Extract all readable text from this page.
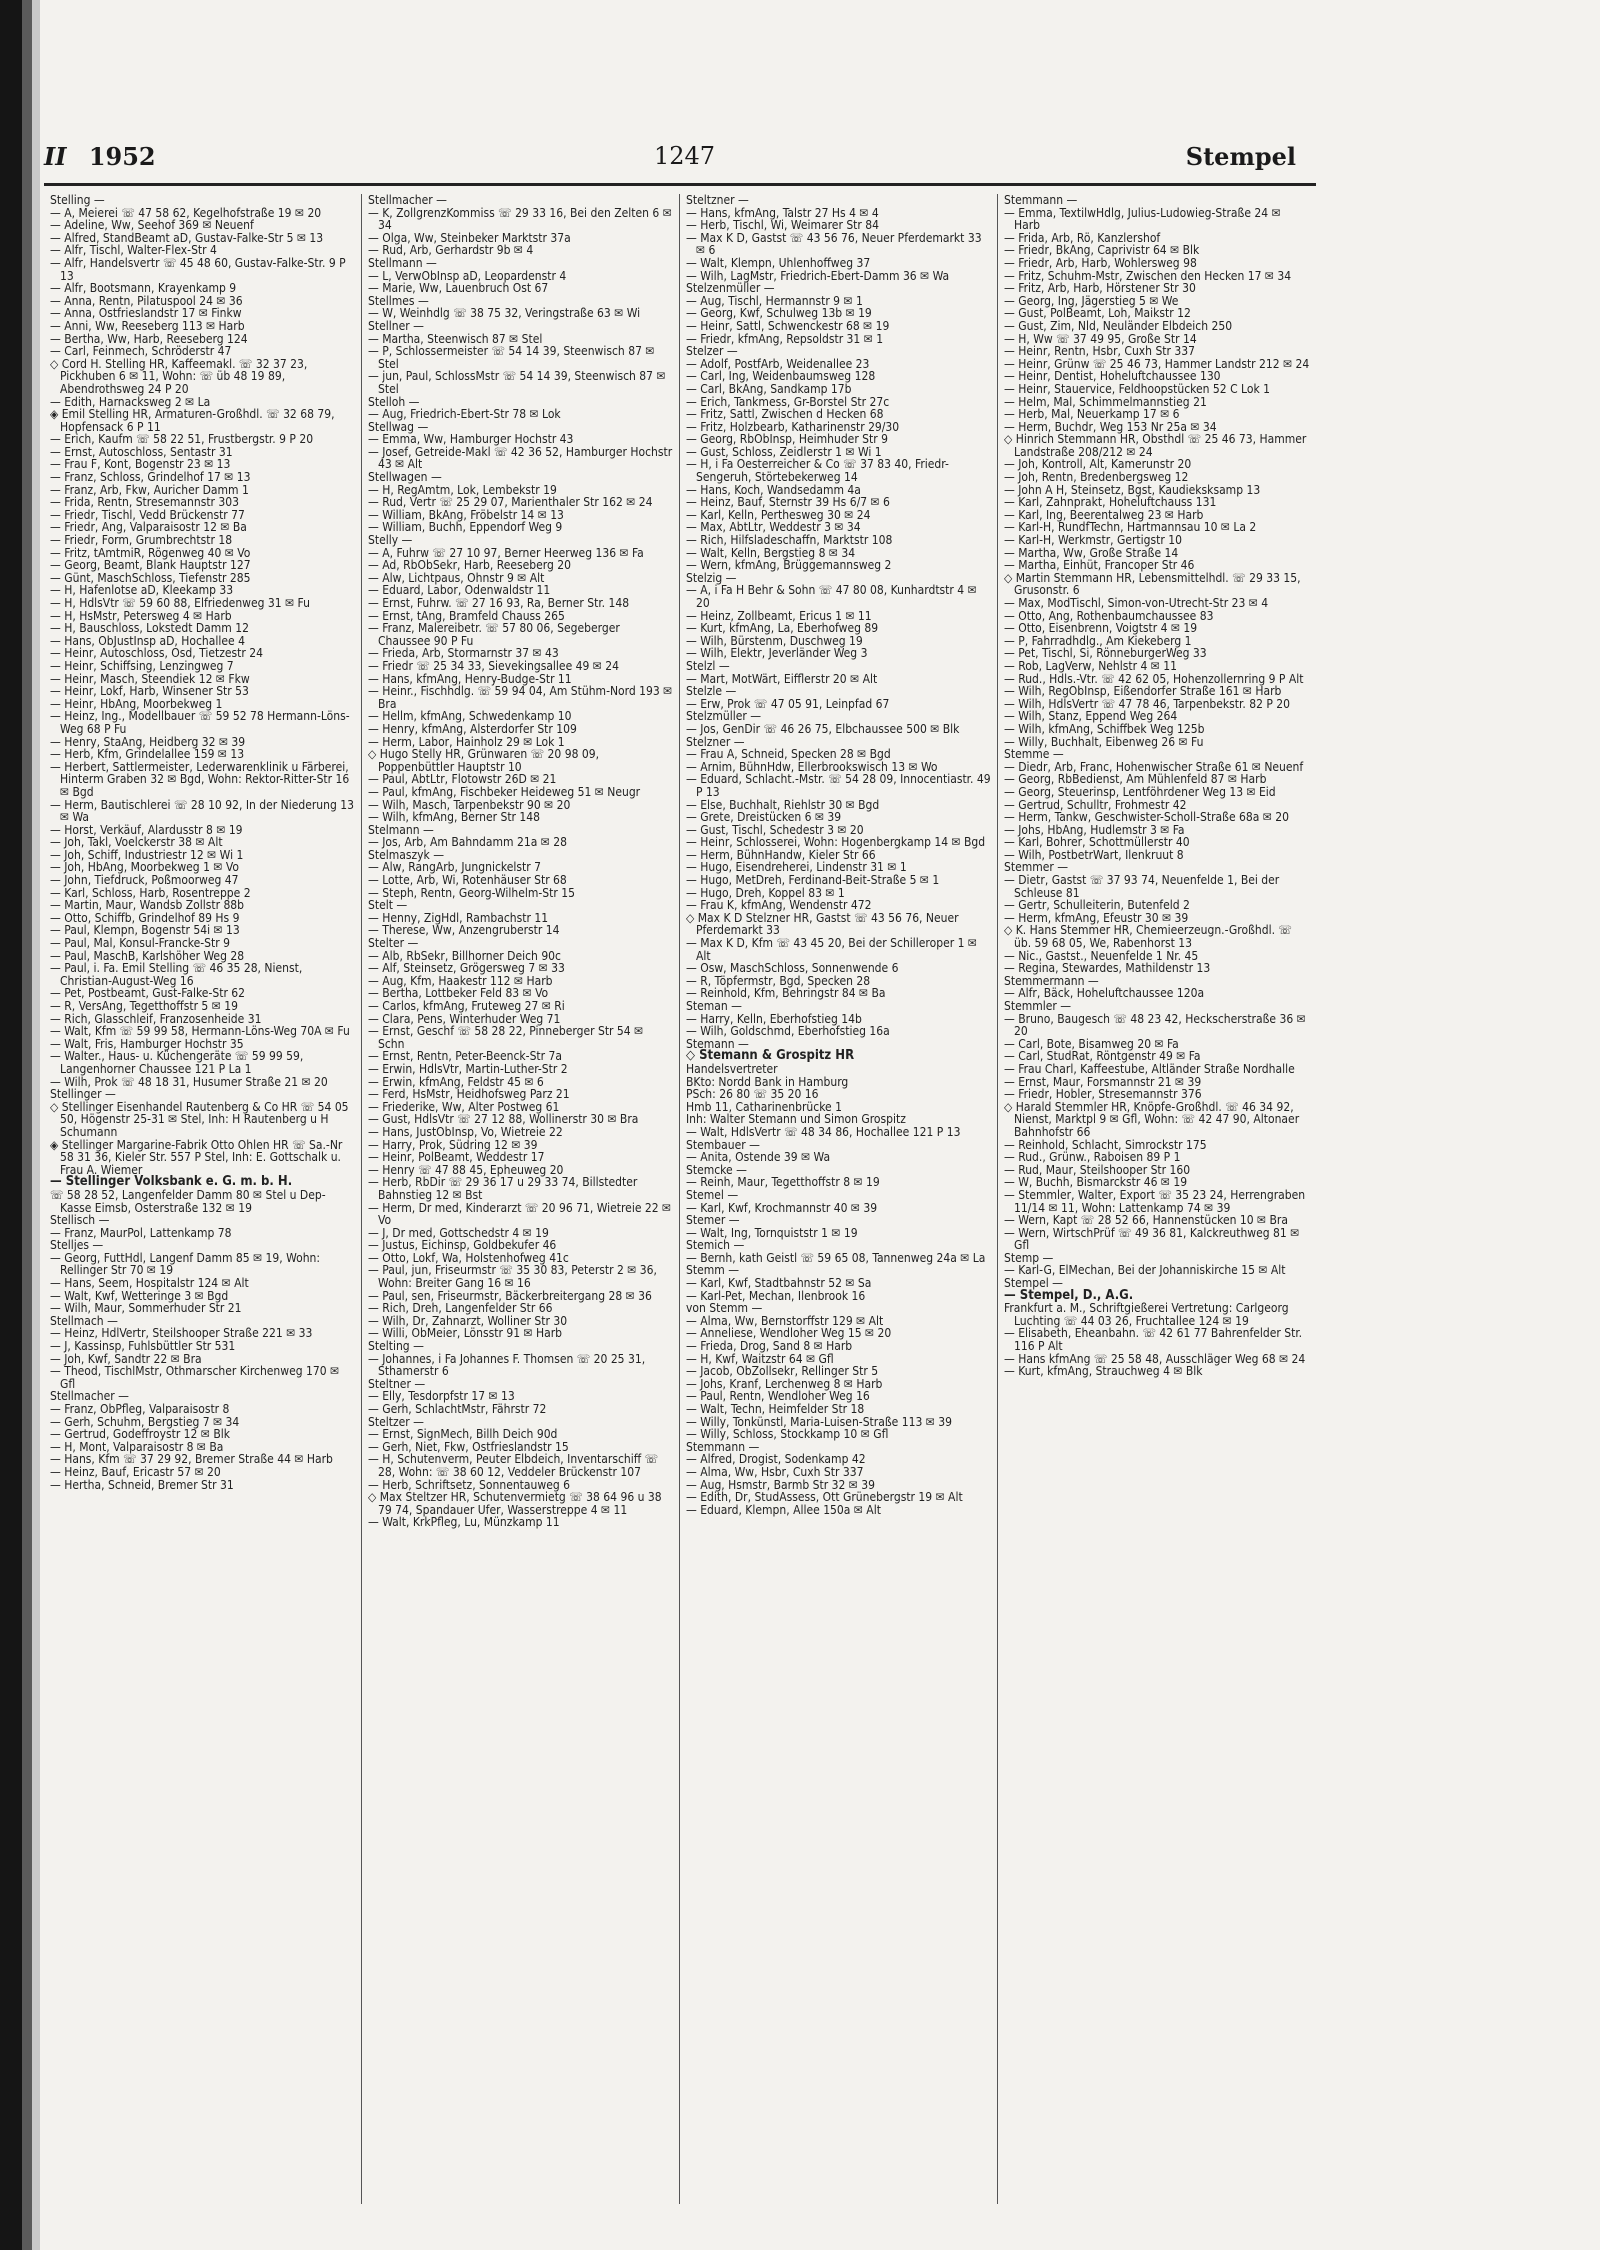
II 1952	1247	Stempel

Stelling —

— A, Meierei ☏ 47 58 62, Kegelhofstraße 19 ✉ 20

— Adeline, Ww, Seehof 369 ✉ Neuenf

— Alfred, StandBeamt aD, Gustav-Falke-Str 5 ✉ 13

— Alfr, Tischl, Walter-Flex-Str 4

— Alfr, Handelsvertr ☏ 45 48 60, Gustav-Falke-Str. 9 P 13

— Alfr, Bootsmann, Krayenkamp 9

— Anna, Rentn, Pilatuspool 24 ✉ 36

— Anna, Ostfrieslandstr 17 ✉ Finkw

— Anni, Ww, Reeseberg 113 ✉ Harb

— Bertha, Ww, Harb, Reeseberg 124

— Carl, Feinmech, Schröderstr 47

◇ Cord H. Stelling HR, Kaffeemakl. ☏ 32 37 23, Pickhuben 6 ✉ 11, Wohn: ☏ üb 48 19 89, Abendrothsweg 24 P 20

— Edith, Harnacksweg 2 ✉ La

◈ Emil Stelling HR, Armaturen-Großhdl. ☏ 32 68 79, Hopfensack 6 P 11

— Erich, Kaufm ☏ 58 22 51, Frustbergstr. 9 P 20

— Ernst, Autoschloss, Sentastr 31

— Frau F, Kont, Bogenstr 23 ✉ 13

— Franz, Schloss, Grindelhof 17 ✉ 13

— Franz, Arb, Fkw, Auricher Damm 1

— Frida, Rentn, Stresemannstr 303

— Friedr, Tischl, Vedd Brückenstr 77

— Friedr, Ang, Valparaisostr 12 ✉ Ba

— Friedr, Form, Grumbrechtstr 18

— Fritz, tAmtmiR, Rögenweg 40 ✉ Vo

— Georg, Beamt, Blank Hauptstr 127

— Günt, MaschSchloss, Tiefenstr 285

— H, Hafenlotse aD, Kleekamp 33

— H, HdlsVtr ☏ 59 60 88, Elfriedenweg 31 ✉ Fu

— H, HsMstr, Petersweg 4 ✉ Harb

— H, Bauschloss, Lokstedt Damm 12

— Hans, ObJustInsp aD, Hochallee 4

— Heinr, Autoschloss, Osd, Tietzestr 24

— Heinr, Schiffsing, Lenzingweg 7

— Heinr, Masch, Steendiek 12 ✉ Fkw

— Heinr, Lokf, Harb, Winsener Str 53

— Heinr, HbAng, Moorbekweg 1

— Heinz, Ing., Modellbauer ☏ 59 52 78 Hermann-Löns-Weg 68 P Fu

— Henry, StaAng, Heidberg 32 ✉ 39

— Herb, Kfm, Grindelallee 159 ✉ 13

— Herbert, Sattlermeister, Lederwarenklinik u Färberei, Hinterm Graben 32 ✉ Bgd, Wohn: Rektor-Ritter-Str 16 ✉ Bgd

— Herm, Bautischlerei ☏ 28 10 92, In der Niederung 13 ✉ Wa

— Horst, Verkäuf, Alardusstr 8 ✉ 19

— Joh, Takl, Voelckerstr 38 ✉ Alt

— Joh, Schiff, Industriestr 12 ✉ Wi 1

— Joh, HbAng, Moorbekweg 1 ✉ Vo

— John, Tiefdruck, Poßmoorweg 47

— Karl, Schloss, Harb, Rosentreppe 2

— Martin, Maur, Wandsb Zollstr 88b

— Otto, Schiffb, Grindelhof 89 Hs 9

— Paul, Klempn, Bogenstr 54i ✉ 13

— Paul, Mal, Konsul-Francke-Str 9

— Paul, MaschB, Karlshöher Weg 28

— Paul, i. Fa. Emil Stelling ☏ 46 35 28, Nienst, Christian-August-Weg 16

— Pet, Postbeamt, Gust-Falke-Str 62

— R, VersAng, Tegetthoffstr 5 ✉ 19

— Rich, Glasschleif, Franzosenheide 31

— Walt, Kfm ☏ 59 99 58, Hermann-Löns-Weg 70A ✉ Fu

— Walt, Fris, Hamburger Hochstr 35

— Walter., Haus- u. Küchengeräte ☏ 59 99 59, Langenhorner Chaussee 121 P La 1

— Wilh, Prok ☏ 48 18 31, Husumer Straße 21 ✉ 20

Stellinger —

◇ Stellinger Eisenhandel Rautenberg & Co HR ☏ 54 05 50, Högenstr 25-31 ✉ Stel, Inh: H Rautenberg u H Schumann

◈ Stellinger Margarine-Fabrik Otto Ohlen HR ☏ Sa.-Nr 58 31 36, Kieler Str. 557 P Stel, Inh: E. Gottschalk u. Frau A. Wiemer

— Stellinger Volksbank e. G. m. b. H.

☏ 58 28 52, Langenfelder Damm 80 ✉ Stel u Dep-Kasse Eimsb, Osterstraße 132 ✉ 19

Stellisch —

— Franz, MaurPol, Lattenkamp 78

Stelljes —

— Georg, FuttHdl, Langenf Damm 85 ✉ 19, Wohn: Rellinger Str 70 ✉ 19

— Hans, Seem, Hospitalstr 124 ✉ Alt

— Walt, Kwf, Wetteringe 3 ✉ Bgd

— Wilh, Maur, Sommerhuder Str 21

Stellmach —

— Heinz, HdlVertr, Steilshooper Straße 221 ✉ 33

— J, Kassinsp, Fuhlsbüttler Str 531

— Joh, Kwf, Sandtr 22 ✉ Bra

— Theod, TischlMstr, Othmarscher Kirchenweg 170 ✉ Gfl

Stellmacher —

— Franz, ObPfleg, Valparaisostr 8

— Gerh, Schuhm, Bergstieg 7 ✉ 34

— Gertrud, Godeffroystr 12 ✉ Blk

— H, Mont, Valparaisostr 8 ✉ Ba

— Hans, Kfm ☏ 37 29 92, Bremer Straße 44 ✉ Harb

— Heinz, Bauf, Ericastr 57 ✉ 20

— Hertha, Schneid, Bremer Str 31

Stellmacher —

— K, ZollgrenzKommiss ☏ 29 33 16, Bei den Zelten 6 ✉ 34

— Olga, Ww, Steinbeker Marktstr 37a

— Rud, Arb, Gerhardstr 9b ✉ 4

Stellmann —

— L, VerwObInsp aD, Leopardenstr 4

— Marie, Ww, Lauenbruch Ost 67

Stellmes —

— W, Weinhdlg ☏ 38 75 32, Veringstraße 63 ✉ Wi

Stellner —

— Martha, Steenwisch 87 ✉ Stel

— P, Schlossermeister ☏ 54 14 39, Steenwisch 87 ✉ Stel

— jun, Paul, SchlossMstr ☏ 54 14 39, Steenwisch 87 ✉ Stel

Stelloh —

— Aug, Friedrich-Ebert-Str 78 ✉ Lok

Stellwag —

— Emma, Ww, Hamburger Hochstr 43

— Josef, Getreide-Makl ☏ 42 36 52, Hamburger Hochstr 43 ✉ Alt

Stellwagen —

— H, RegAmtm, Lok, Lembekstr 19

— Rud, Vertr ☏ 25 29 07, Marienthaler Str 162 ✉ 24

— William, BkAng, Fröbelstr 14 ✉ 13

— William, Buchh, Eppendorf Weg 9

Stelly —

— A, Fuhrw ☏ 27 10 97, Berner Heerweg 136 ✉ Fa

— Ad, RbObSekr, Harb, Reeseberg 20

— Alw, Lichtpaus, Ohnstr 9 ✉ Alt

— Eduard, Labor, Odenwaldstr 11

— Ernst, Fuhrw. ☏ 27 16 93, Ra, Berner Str. 148

— Ernst, tAng, Bramfeld Chauss 265

— Franz, Malereibetr. ☏ 57 80 06, Segeberger Chaussee 90 P Fu

— Frieda, Arb, Stormarnstr 37 ✉ 43

— Friedr ☏ 25 34 33, Sievekingsallee 49 ✉ 24

— Hans, kfmAng, Henry-Budge-Str 11

— Heinr., Fischhdlg. ☏ 59 94 04, Am Stühm-Nord 193 ✉ Bra

— Hellm, kfmAng, Schwedenkamp 10

— Henry, kfmAng, Alsterdorfer Str 109

— Herm, Labor, Hainholz 29 ✉ Lok 1

◇ Hugo Stelly HR, Grünwaren ☏ 20 98 09, Poppenbüttler Hauptstr 10

— Paul, AbtLtr, Flotowstr 26D ✉ 21

— Paul, kfmAng, Fischbeker Heideweg 51 ✉ Neugr

— Wilh, Masch, Tarpenbekstr 90 ✉ 20

— Wilh, kfmAng, Berner Str 148

Stelmann —

— Jos, Arb, Am Bahndamm 21a ✉ 28

Stelmaszyk —

— Alw, RangArb, Jungnickelstr 7

— Lotte, Arb, Wi, Rotenhäuser Str 68

— Steph, Rentn, Georg-Wilhelm-Str 15

Stelt —

— Henny, ZigHdl, Rambachstr 11

— Therese, Ww, Anzengruberstr 14

Stelter —

— Alb, RbSekr, Billhorner Deich 90c

— Alf, Steinsetz, Grögersweg 7 ✉ 33

— Aug, Kfm, Haakestr 112 ✉ Harb

— Bertha, Lottbeker Feld 83 ✉ Vo

— Carlos, kfmAng, Fruteweg 27 ✉ Ri

— Clara, Pens, Winterhuder Weg 71

— Ernst, Geschf ☏ 58 28 22, Pinneberger Str 54 ✉ Schn

— Ernst, Rentn, Peter-Beenck-Str 7a

— Erwin, HdlsVtr, Martin-Luther-Str 2

— Erwin, kfmAng, Feldstr 45 ✉ 6

— Ferd, HsMstr, Heidhofsweg Parz 21

— Friederike, Ww, Alter Postweg 61

— Gust, HdlsVtr ☏ 27 12 88, Wollinerstr 30 ✉ Bra

— Hans, JustObInsp, Vo, Wietreie 22

— Harry, Prok, Südring 12 ✉ 39

— Heinr, PolBeamt, Weddestr 17

— Henry ☏ 47 88 45, Epheuweg 20

— Herb, RbDir ☏ 29 36 17 u 29 33 74, Billstedter Bahnstieg 12 ✉ Bst

— Herm, Dr med, Kinderarzt ☏ 20 96 71, Wietreie 22 ✉ Vo

— J, Dr med, Gottschedstr 4 ✉ 19

— Justus, Eichinsp, Goldbekufer 46

— Otto, Lokf, Wa, Holstenhofweg 41c

— Paul, jun, Friseurmstr ☏ 35 30 83, Peterstr 2 ✉ 36, Wohn: Breiter Gang 16 ✉ 16

— Paul, sen, Friseurmstr, Bäckerbreitergang 28 ✉ 36

— Rich, Dreh, Langenfelder Str 66

— Wilh, Dr, Zahnarzt, Wolliner Str 30

— Willi, ObMeier, Lönsstr 91 ✉ Harb

Stelting —

— Johannes, i Fa Johannes F. Thomsen ☏ 20 25 31, Sthamerstr 6

Steltner —

— Elly, Tesdorpfstr 17 ✉ 13

— Gerh, SchlachtMstr, Fährstr 72

Steltzer —

— Ernst, SignMech, Billh Deich 90d

— Gerh, Niet, Fkw, Ostfrieslandstr 15

— H, Schutenverm, Peuter Elbdeich, Inventarschiff ☏ 28, Wohn: ☏ 38 60 12, Veddeler Brückenstr 107

— Herb, Schriftsetz, Sonnentauweg 6

◇ Max Steltzer HR, Schutenvermietg ☏ 38 64 96 u 38 79 74, Spandauer Ufer, Wasserstreppe 4 ✉ 11

— Walt, KrkPfleg, Lu, Münzkamp 11

Steltzner —

— Hans, kfmAng, Talstr 27 Hs 4 ✉ 4

— Herb, Tischl, Wi, Weimarer Str 84

— Max K D, Gastst ☏ 43 56 76, Neuer Pferdemarkt 33 ✉ 6

— Walt, Klempn, Uhlenhoffweg 37

— Wilh, LagMstr, Friedrich-Ebert-Damm 36 ✉ Wa

Stelzenmüller —

— Aug, Tischl, Hermannstr 9 ✉ 1

— Georg, Kwf, Schulweg 13b ✉ 19

— Heinr, Sattl, Schwenckestr 68 ✉ 19

— Friedr, kfmAng, Repsoldstr 31 ✉ 1

Stelzer —

— Adolf, PostfArb, Weidenallee 23

— Carl, Ing, Weidenbaumsweg 128

— Carl, BkAng, Sandkamp 17b

— Erich, Tankmess, Gr-Borstel Str 27c

— Fritz, Sattl, Zwischen d Hecken 68

— Fritz, Holzbearb, Katharinenstr 29/30

— Georg, RbObInsp, Heimhuder Str 9

— Gust, Schloss, Zeidlerstr 1 ✉ Wi 1

— H, i Fa Oesterreicher & Co ☏ 37 83 40, Friedr-Sengeruh, Störtebekerweg 14

— Hans, Koch, Wandsedamm 4a

— Heinz, Bauf, Sternstr 39 Hs 6/7 ✉ 6

— Karl, Kelln, Perthesweg 30 ✉ 24

— Max, AbtLtr, Weddestr 3 ✉ 34

— Rich, Hilfsladeschaffn, Marktstr 108

— Walt, Kelln, Bergstieg 8 ✉ 34

— Wern, kfmAng, Brüggemannsweg 2

Stelzig —

— A, i Fa H Behr & Sohn ☏ 47 80 08, Kunhardtstr 4 ✉ 20

— Heinz, Zollbeamt, Ericus 1 ✉ 11

— Kurt, kfmAng, La, Eberhofweg 89

— Wilh, Bürstenm, Duschweg 19

— Wilh, Elektr, Jeverländer Weg 3

Stelzl —

— Mart, MotWärt, Eifflerstr 20 ✉ Alt

Stelzle —

— Erw, Prok ☏ 47 05 91, Leinpfad 67

Stelzmüller —

— Jos, GenDir ☏ 46 26 75, Elbchaussee 500 ✉ Blk

Stelzner —

— Frau A, Schneid, Specken 28 ✉ Bgd

— Arnim, BühnHdw, Ellerbrookswisch 13 ✉ Wo

— Eduard, Schlacht.-Mstr. ☏ 54 28 09, Innocentiastr. 49 P 13

— Else, Buchhalt, Riehlstr 30 ✉ Bgd

— Grete, Dreistücken 6 ✉ 39

— Gust, Tischl, Schedestr 3 ✉ 20

— Heinr, Schlosserei, Wohn: Hogenbergkamp 14 ✉ Bgd

— Herm, BühnHandw, Kieler Str 66

— Hugo, Eisendreherei, Lindenstr 31 ✉ 1

— Hugo, MetDreh, Ferdinand-Beit-Straße 5 ✉ 1

— Hugo, Dreh, Koppel 83 ✉ 1

— Frau K, kfmAng, Wendenstr 472

◇ Max K D Stelzner HR, Gastst ☏ 43 56 76, Neuer Pferdemarkt 33

— Max K D, Kfm ☏ 43 45 20, Bei der Schilleroper 1 ✉ Alt

— Osw, MaschSchloss, Sonnenwende 6

— R, Töpfermstr, Bgd, Specken 28

— Reinhold, Kfm, Behringstr 84 ✉ Ba

Steman —

— Harry, Kelln, Eberhofstieg 14b

— Wilh, Goldschmd, Eberhofstieg 16a

Stemann —

◇ Stemann & Grospitz HR

Handelsvertreter

BKto: Nordd Bank in Hamburg

PSch: 26 80 ☏ 35 20 16

Hmb 11, Catharinenbrücke 1

Inh: Walter Stemann und Simon Grospitz

— Walt, HdlsVertr ☏ 48 34 86, Hochallee 121 P 13

Stembauer —

— Anita, Ostende 39 ✉ Wa

Stemcke —

— Reinh, Maur, Tegetthoffstr 8 ✉ 19

Stemel —

— Karl, Kwf, Krochmannstr 40 ✉ 39

Stemer —

— Walt, Ing, Tornquiststr 1 ✉ 19

Stemich —

— Bernh, kath Geistl ☏ 59 65 08, Tannenweg 24a ✉ La

Stemm —

— Karl, Kwf, Stadtbahnstr 52 ✉ Sa

— Karl-Pet, Mechan, Ilenbrook 16

von Stemm —

— Alma, Ww, Bernstorffstr 129 ✉ Alt

— Anneliese, Wendloher Weg 15 ✉ 20

— Frieda, Drog, Sand 8 ✉ Harb

— H, Kwf, Waitzstr 64 ✉ Gfl

— Jacob, ObZollsekr, Rellinger Str 5

— Johs, Kranf, Lerchenweg 8 ✉ Harb

— Paul, Rentn, Wendloher Weg 16

— Walt, Techn, Heimfelder Str 18

— Willy, Tonkünstl, Maria-Luisen-Straße 113 ✉ 39

— Willy, Schloss, Stockkamp 10 ✉ Gfl

Stemmann —

— Alfred, Drogist, Sodenkamp 42

— Alma, Ww, Hsbr, Cuxh Str 337

— Aug, Hsmstr, Barmb Str 32 ✉ 39

— Edith, Dr, StudAssess, Ott Grünebergstr 19 ✉ Alt

— Eduard, Klempn, Allee 150a ✉ Alt

Stemmann —

— Emma, TextilwHdlg, Julius-Ludowieg-Straße 24 ✉ Harb

— Frida, Arb, Rö, Kanzlershof

— Friedr, BkAng, Caprivistr 64 ✉ Blk

— Friedr, Arb, Harb, Wohlersweg 98

— Fritz, Schuhm-Mstr, Zwischen den Hecken 17 ✉ 34

— Fritz, Arb, Harb, Hörstener Str 30

— Georg, Ing, Jägerstieg 5 ✉ We

— Gust, PolBeamt, Loh, Maikstr 12

— Gust, Zim, Nld, Neuländer Elbdeich 250

— H, Ww ☏ 37 49 95, Große Str 14

— Heinr, Rentn, Hsbr, Cuxh Str 337

— Heinr, Grünw ☏ 25 46 73, Hammer Landstr 212 ✉ 24

— Heinr, Dentist, Hoheluftchaussee 130

— Heinr, Stauervice, Feldhoopstücken 52 C Lok 1

— Helm, Mal, Schimmelmannstieg 21

— Herb, Mal, Neuerkamp 17 ✉ 6

— Herm, Buchdr, Weg 153 Nr 25a ✉ 34

◇ Hinrich Stemmann HR, Obsthdl ☏ 25 46 73, Hammer Landstraße 208/212 ✉ 24

— Joh, Kontroll, Alt, Kamerunstr 20

— Joh, Rentn, Bredenbergsweg 12

— John A H, Steinsetz, Bgst, Kaudieksksamp 13

— Karl, Zahnprakt, Hoheluftchauss 131

— Karl, Ing, Beerentalweg 23 ✉ Harb

— Karl-H, RundfTechn, Hartmannsau 10 ✉ La 2

— Karl-H, Werkmstr, Gertigstr 10

— Martha, Ww, Große Straße 14

— Martha, Einhüt, Francoper Str 46

◇ Martin Stemmann HR, Lebensmittelhdl. ☏ 29 33 15, Grusonstr. 6

— Max, ModTischl, Simon-von-Utrecht-Str 23 ✉ 4

— Otto, Ang, Rothenbaumchaussee 83

— Otto, Eisenbrenn, Voigtstr 4 ✉ 19

— P, Fahrradhdlg., Am Kiekeberg 1

— Pet, Tischl, Si, RönneburgerWeg 33

— Rob, LagVerw, Nehlstr 4 ✉ 11

— Rud., Hdls.-Vtr. ☏ 42 62 05, Hohenzollernring 9 P Alt

— Wilh, RegObInsp, Eißendorfer Straße 161 ✉ Harb

— Wilh, HdlsVertr ☏ 47 78 46, Tarpenbekstr. 82 P 20

— Wilh, Stanz, Eppend Weg 264

— Wilh, kfmAng, Schiffbek Weg 125b

— Willy, Buchhalt, Eibenweg 26 ✉ Fu

Stemme —

— Diedr, Arb, Franc, Hohenwischer Straße 61 ✉ Neuenf

— Georg, RbBedienst, Am Mühlenfeld 87 ✉ Harb

— Georg, Steuerinsp, Lentföhrdener Weg 13 ✉ Eid

— Gertrud, Schulltr, Frohmestr 42

— Herm, Tankw, Geschwister-Scholl-Straße 68a ✉ 20

— Johs, HbAng, Hudlemstr 3 ✉ Fa

— Karl, Bohrer, Schottmüllerstr 40

— Wilh, PostbetrWart, Ilenkruut 8

Stemmer —

— Dietr, Gastst ☏ 37 93 74, Neuenfelde 1, Bei der Schleuse 81

— Gertr, Schulleiterin, Butenfeld 2

— Herm, kfmAng, Efeustr 30 ✉ 39

◇ K. Hans Stemmer HR, Chemieerzeugn.-Großhdl. ☏ üb. 59 68 05, We, Rabenhorst 13

— Nic., Gastst., Neuenfelde 1 Nr. 45

— Regina, Stewardes, Mathildenstr 13

Stemmermann —

— Alfr, Bäck, Hoheluftchaussee 120a

Stemmler —

— Bruno, Baugesch ☏ 48 23 42, Heckscherstraße 36 ✉ 20

— Carl, Bote, Bisamweg 20 ✉ Fa

— Carl, StudRat, Röntgenstr 49 ✉ Fa

— Frau Charl, Kaffeestube, Altländer Straße Nordhalle

— Ernst, Maur, Forsmannstr 21 ✉ 39

— Friedr, Hobler, Stresemannstr 376

◇ Harald Stemmler HR, Knöpfe-Großhdl. ☏ 46 34 92, Nienst, Marktpl 9 ✉ Gfl, Wohn: ☏ 42 47 90, Altonaer Bahnhofstr 66

— Reinhold, Schlacht, Simrockstr 175

— Rud., Grünw., Raboisen 89 P 1

— Rud, Maur, Steilshooper Str 160

— W, Buchh, Bismarckstr 46 ✉ 19

— Stemmler, Walter, Export ☏ 35 23 24, Herrengraben 11/14 ✉ 11, Wohn: Lattenkamp 74 ✉ 39

— Wern, Kapt ☏ 28 52 66, Hannenstücken 10 ✉ Bra

— Wern, WirtschPrüf ☏ 49 36 81, Kalckreuthweg 81 ✉ Gfl

Stemp —

— Karl-G, ElMechan, Bei der Johanniskirche 15 ✉ Alt

Stempel —

— Stempel, D., A.G.

Frankfurt a. M., Schriftgießerei Vertretung: Carlgeorg Luchting ☏ 44 03 26, Fruchtallee 124 ✉ 19

— Elisabeth, Eheanbahn. ☏ 42 61 77 Bahrenfelder Str. 116 P Alt

— Hans kfmAng ☏ 25 58 48, Ausschläger Weg 68 ✉ 24

— Kurt, kfmAng, Strauchweg 4 ✉ Blk
